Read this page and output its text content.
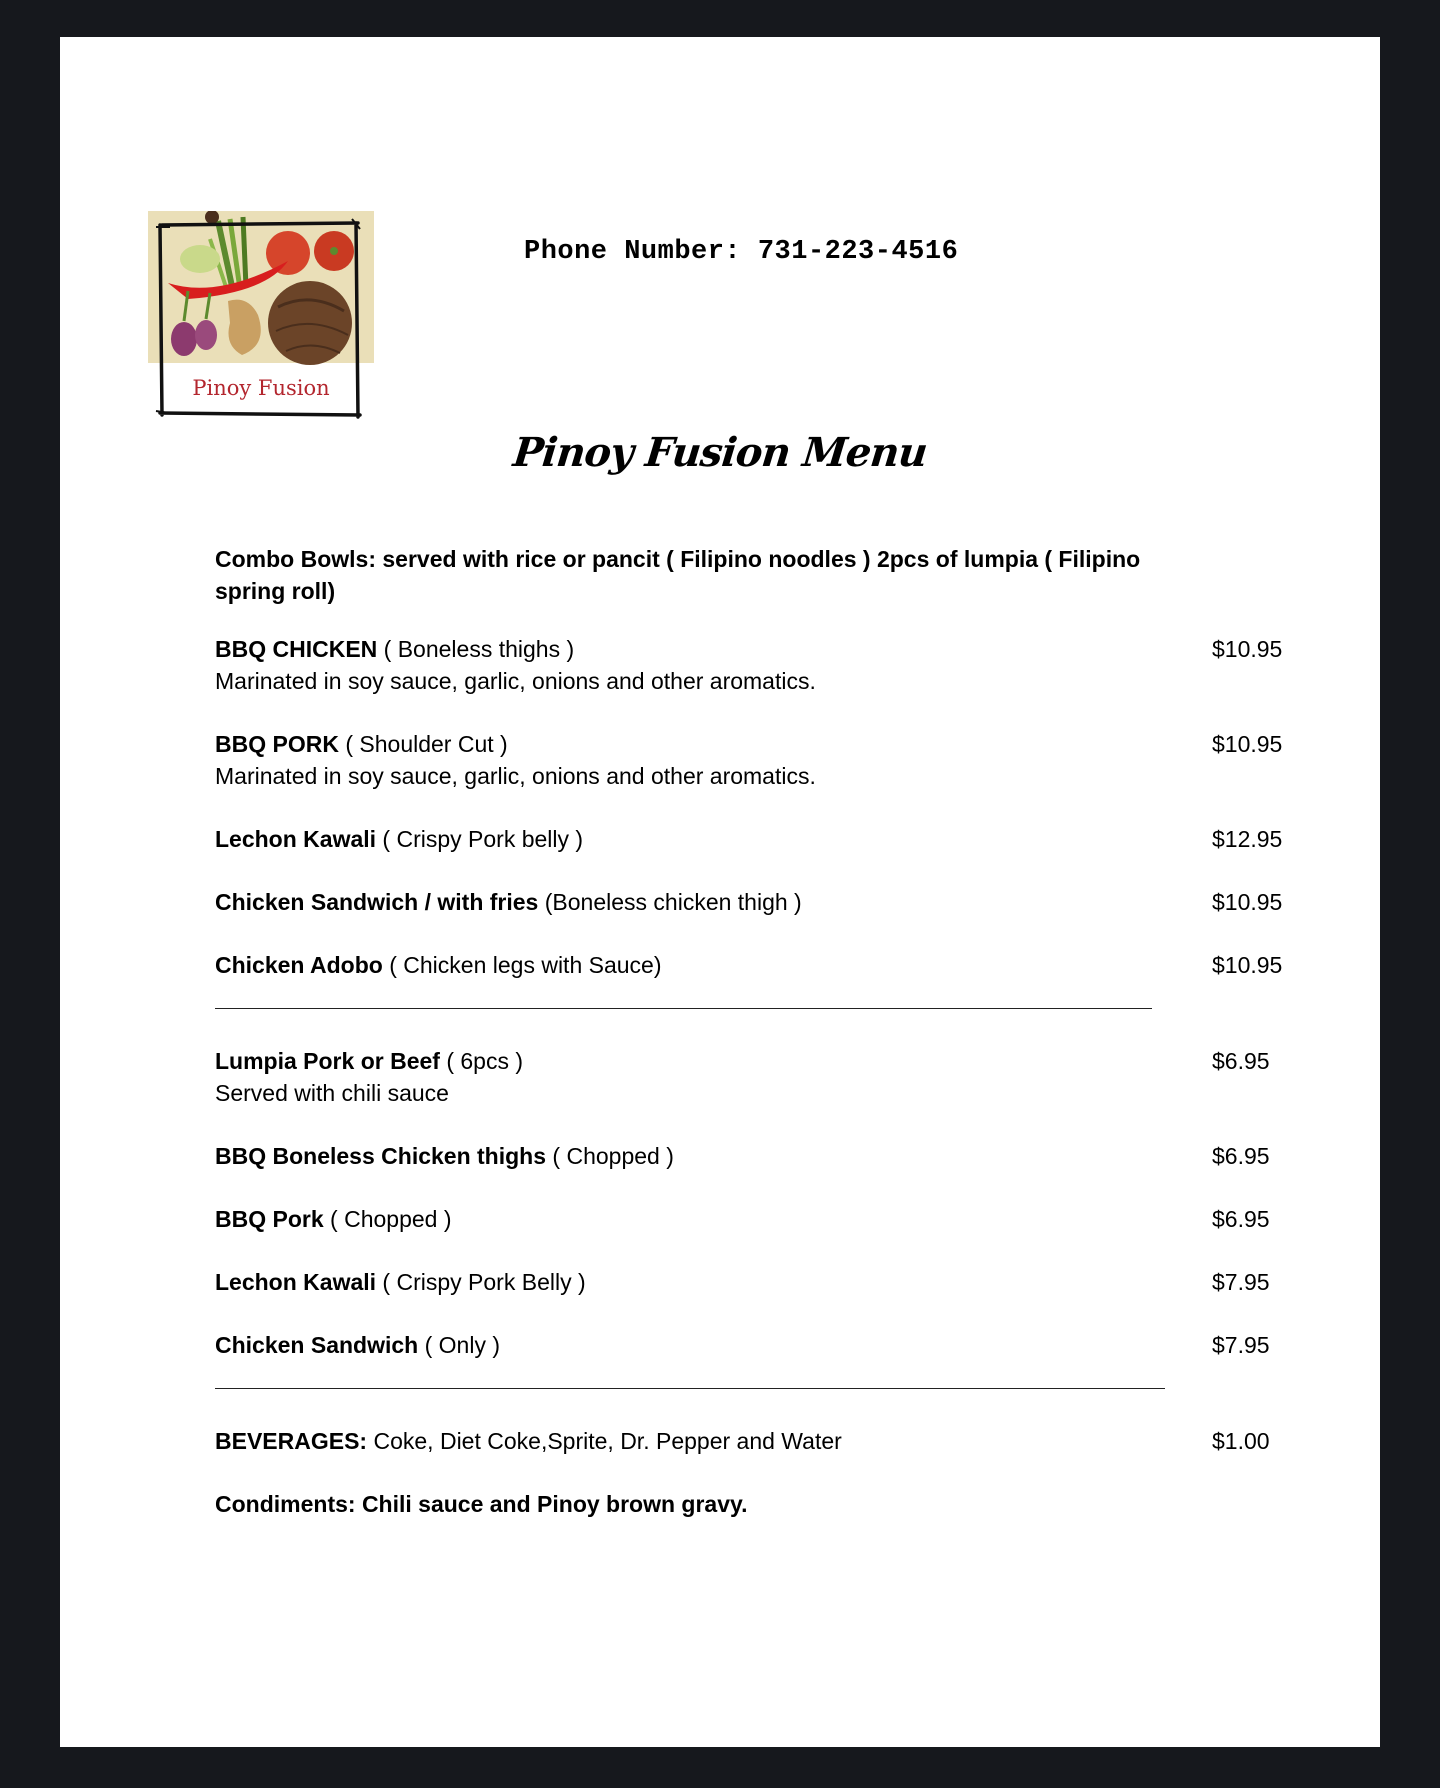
Pinoy Fusion
Phone Number: 731-223-4516
Pinoy Fusion Menu
Combo Bowls: served with rice or pancit ( Filipino noodles ) 2pcs of lumpia ( Filipino spring roll)
BBQ CHICKEN ( Boneless thighs )	$10.95
Marinated in soy sauce, garlic, onions and other aromatics.
BBQ PORK ( Shoulder Cut )	$10.95
Marinated in soy sauce, garlic, onions and other aromatics.
Lechon Kawali ( Crispy Pork belly )	$12.95
Chicken Sandwich / with fries (Boneless chicken thigh )	$10.95
Chicken Adobo ( Chicken legs with Sauce)	$10.95
Lumpia Pork or Beef ( 6pcs )	$6.95
Served with chili sauce
BBQ Boneless Chicken thighs ( Chopped )	$6.95
BBQ Pork ( Chopped )	$6.95
Lechon Kawali ( Crispy Pork Belly )	$7.95
Chicken Sandwich ( Only )	$7.95
BEVERAGES: Coke, Diet Coke,Sprite, Dr. Pepper and Water	$1.00
Condiments: Chili sauce and Pinoy brown gravy.
